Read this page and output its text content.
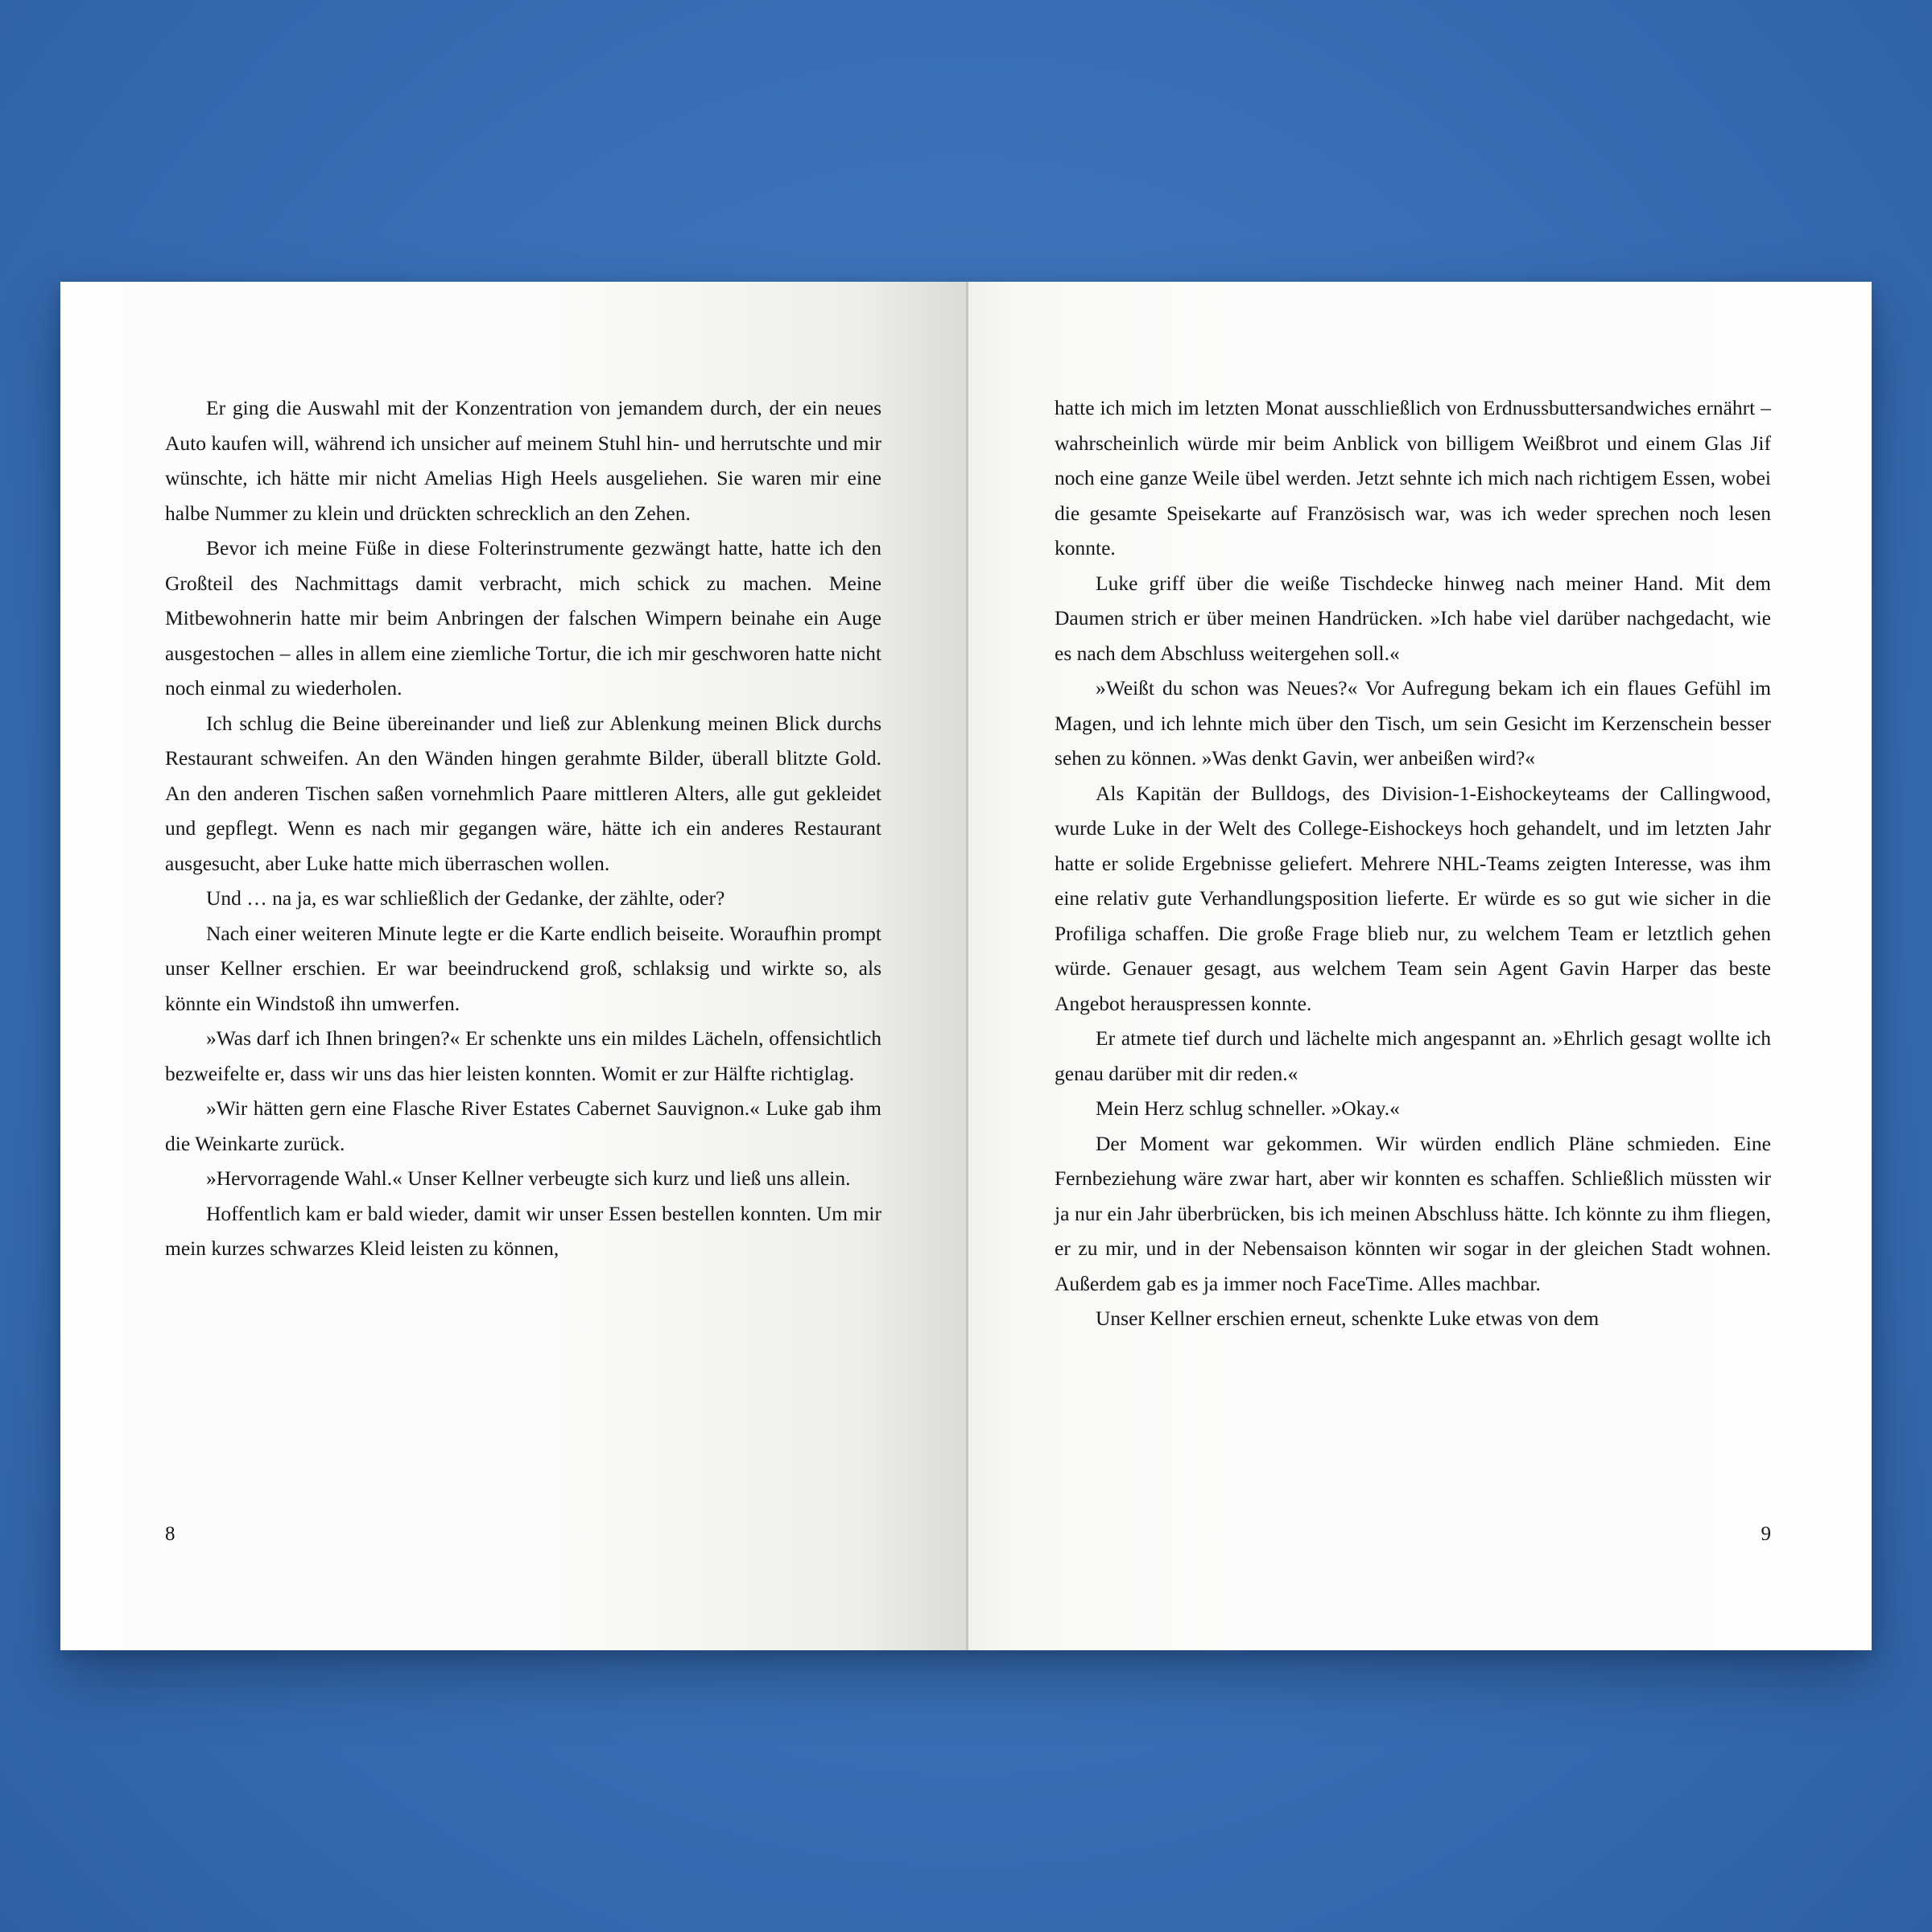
Er ging die Auswahl mit der Konzentration von jemandem durch, der ein neues Auto kaufen will, während ich unsicher auf meinem Stuhl hin- und herrutschte und mir wünschte, ich hätte mir nicht Amelias High Heels ausgeliehen. Sie waren mir eine halbe Nummer zu klein und drückten schrecklich an den Zehen.

Bevor ich meine Füße in diese Folterinstrumente gezwängt hatte, hatte ich den Großteil des Nachmittags damit verbracht, mich schick zu machen. Meine Mitbewohnerin hatte mir beim Anbringen der falschen Wimpern beinahe ein Auge ausgestochen – alles in allem eine ziemliche Tortur, die ich mir geschworen hatte nicht noch einmal zu wiederholen.

Ich schlug die Beine übereinander und ließ zur Ablenkung meinen Blick durchs Restaurant schweifen. An den Wänden hingen gerahmte Bilder, überall blitzte Gold. An den anderen Tischen saßen vornehmlich Paare mittleren Alters, alle gut gekleidet und gepflegt. Wenn es nach mir gegangen wäre, hätte ich ein anderes Restaurant ausgesucht, aber Luke hatte mich überraschen wollen.

Und … na ja, es war schließlich der Gedanke, der zählte, oder?

Nach einer weiteren Minute legte er die Karte endlich beiseite. Woraufhin prompt unser Kellner erschien. Er war beeindruckend groß, schlaksig und wirkte so, als könnte ein Windstoß ihn umwerfen.

»Was darf ich Ihnen bringen?« Er schenkte uns ein mildes Lächeln, offensichtlich bezweifelte er, dass wir uns das hier leisten konnten. Womit er zur Hälfte richtiglag.

»Wir hätten gern eine Flasche River Estates Cabernet Sauvignon.« Luke gab ihm die Weinkarte zurück.

»Hervorragende Wahl.« Unser Kellner verbeugte sich kurz und ließ uns allein.

Hoffentlich kam er bald wieder, damit wir unser Essen bestellen konnten. Um mir mein kurzes schwarzes Kleid leisten zu können,

8

hatte ich mich im letzten Monat ausschließlich von Erdnussbuttersandwiches ernährt – wahrscheinlich würde mir beim Anblick von billigem Weißbrot und einem Glas Jif noch eine ganze Weile übel werden. Jetzt sehnte ich mich nach richtigem Essen, wobei die gesamte Speisekarte auf Französisch war, was ich weder sprechen noch lesen konnte.

Luke griff über die weiße Tischdecke hinweg nach meiner Hand. Mit dem Daumen strich er über meinen Handrücken. »Ich habe viel darüber nachgedacht, wie es nach dem Abschluss weitergehen soll.«

»Weißt du schon was Neues?« Vor Aufregung bekam ich ein flaues Gefühl im Magen, und ich lehnte mich über den Tisch, um sein Gesicht im Kerzenschein besser sehen zu können. »Was denkt Gavin, wer anbeißen wird?«

Als Kapitän der Bulldogs, des Division-1-Eishockeyteams der Callingwood, wurde Luke in der Welt des College-Eishockeys hoch gehandelt, und im letzten Jahr hatte er solide Ergebnisse geliefert. Mehrere NHL-Teams zeigten Interesse, was ihm eine relativ gute Verhandlungsposition lieferte. Er würde es so gut wie sicher in die Profiliga schaffen. Die große Frage blieb nur, zu welchem Team er letztlich gehen würde. Genauer gesagt, aus welchem Team sein Agent Gavin Harper das beste Angebot herauspressen konnte.

Er atmete tief durch und lächelte mich angespannt an. »Ehrlich gesagt wollte ich genau darüber mit dir reden.«

Mein Herz schlug schneller. »Okay.«

Der Moment war gekommen. Wir würden endlich Pläne schmieden. Eine Fernbeziehung wäre zwar hart, aber wir konnten es schaffen. Schließlich müssten wir ja nur ein Jahr überbrücken, bis ich meinen Abschluss hätte. Ich könnte zu ihm fliegen, er zu mir, und in der Nebensaison könnten wir sogar in der gleichen Stadt wohnen. Außerdem gab es ja immer noch FaceTime. Alles machbar.

Unser Kellner erschien erneut, schenkte Luke etwas von dem

9
